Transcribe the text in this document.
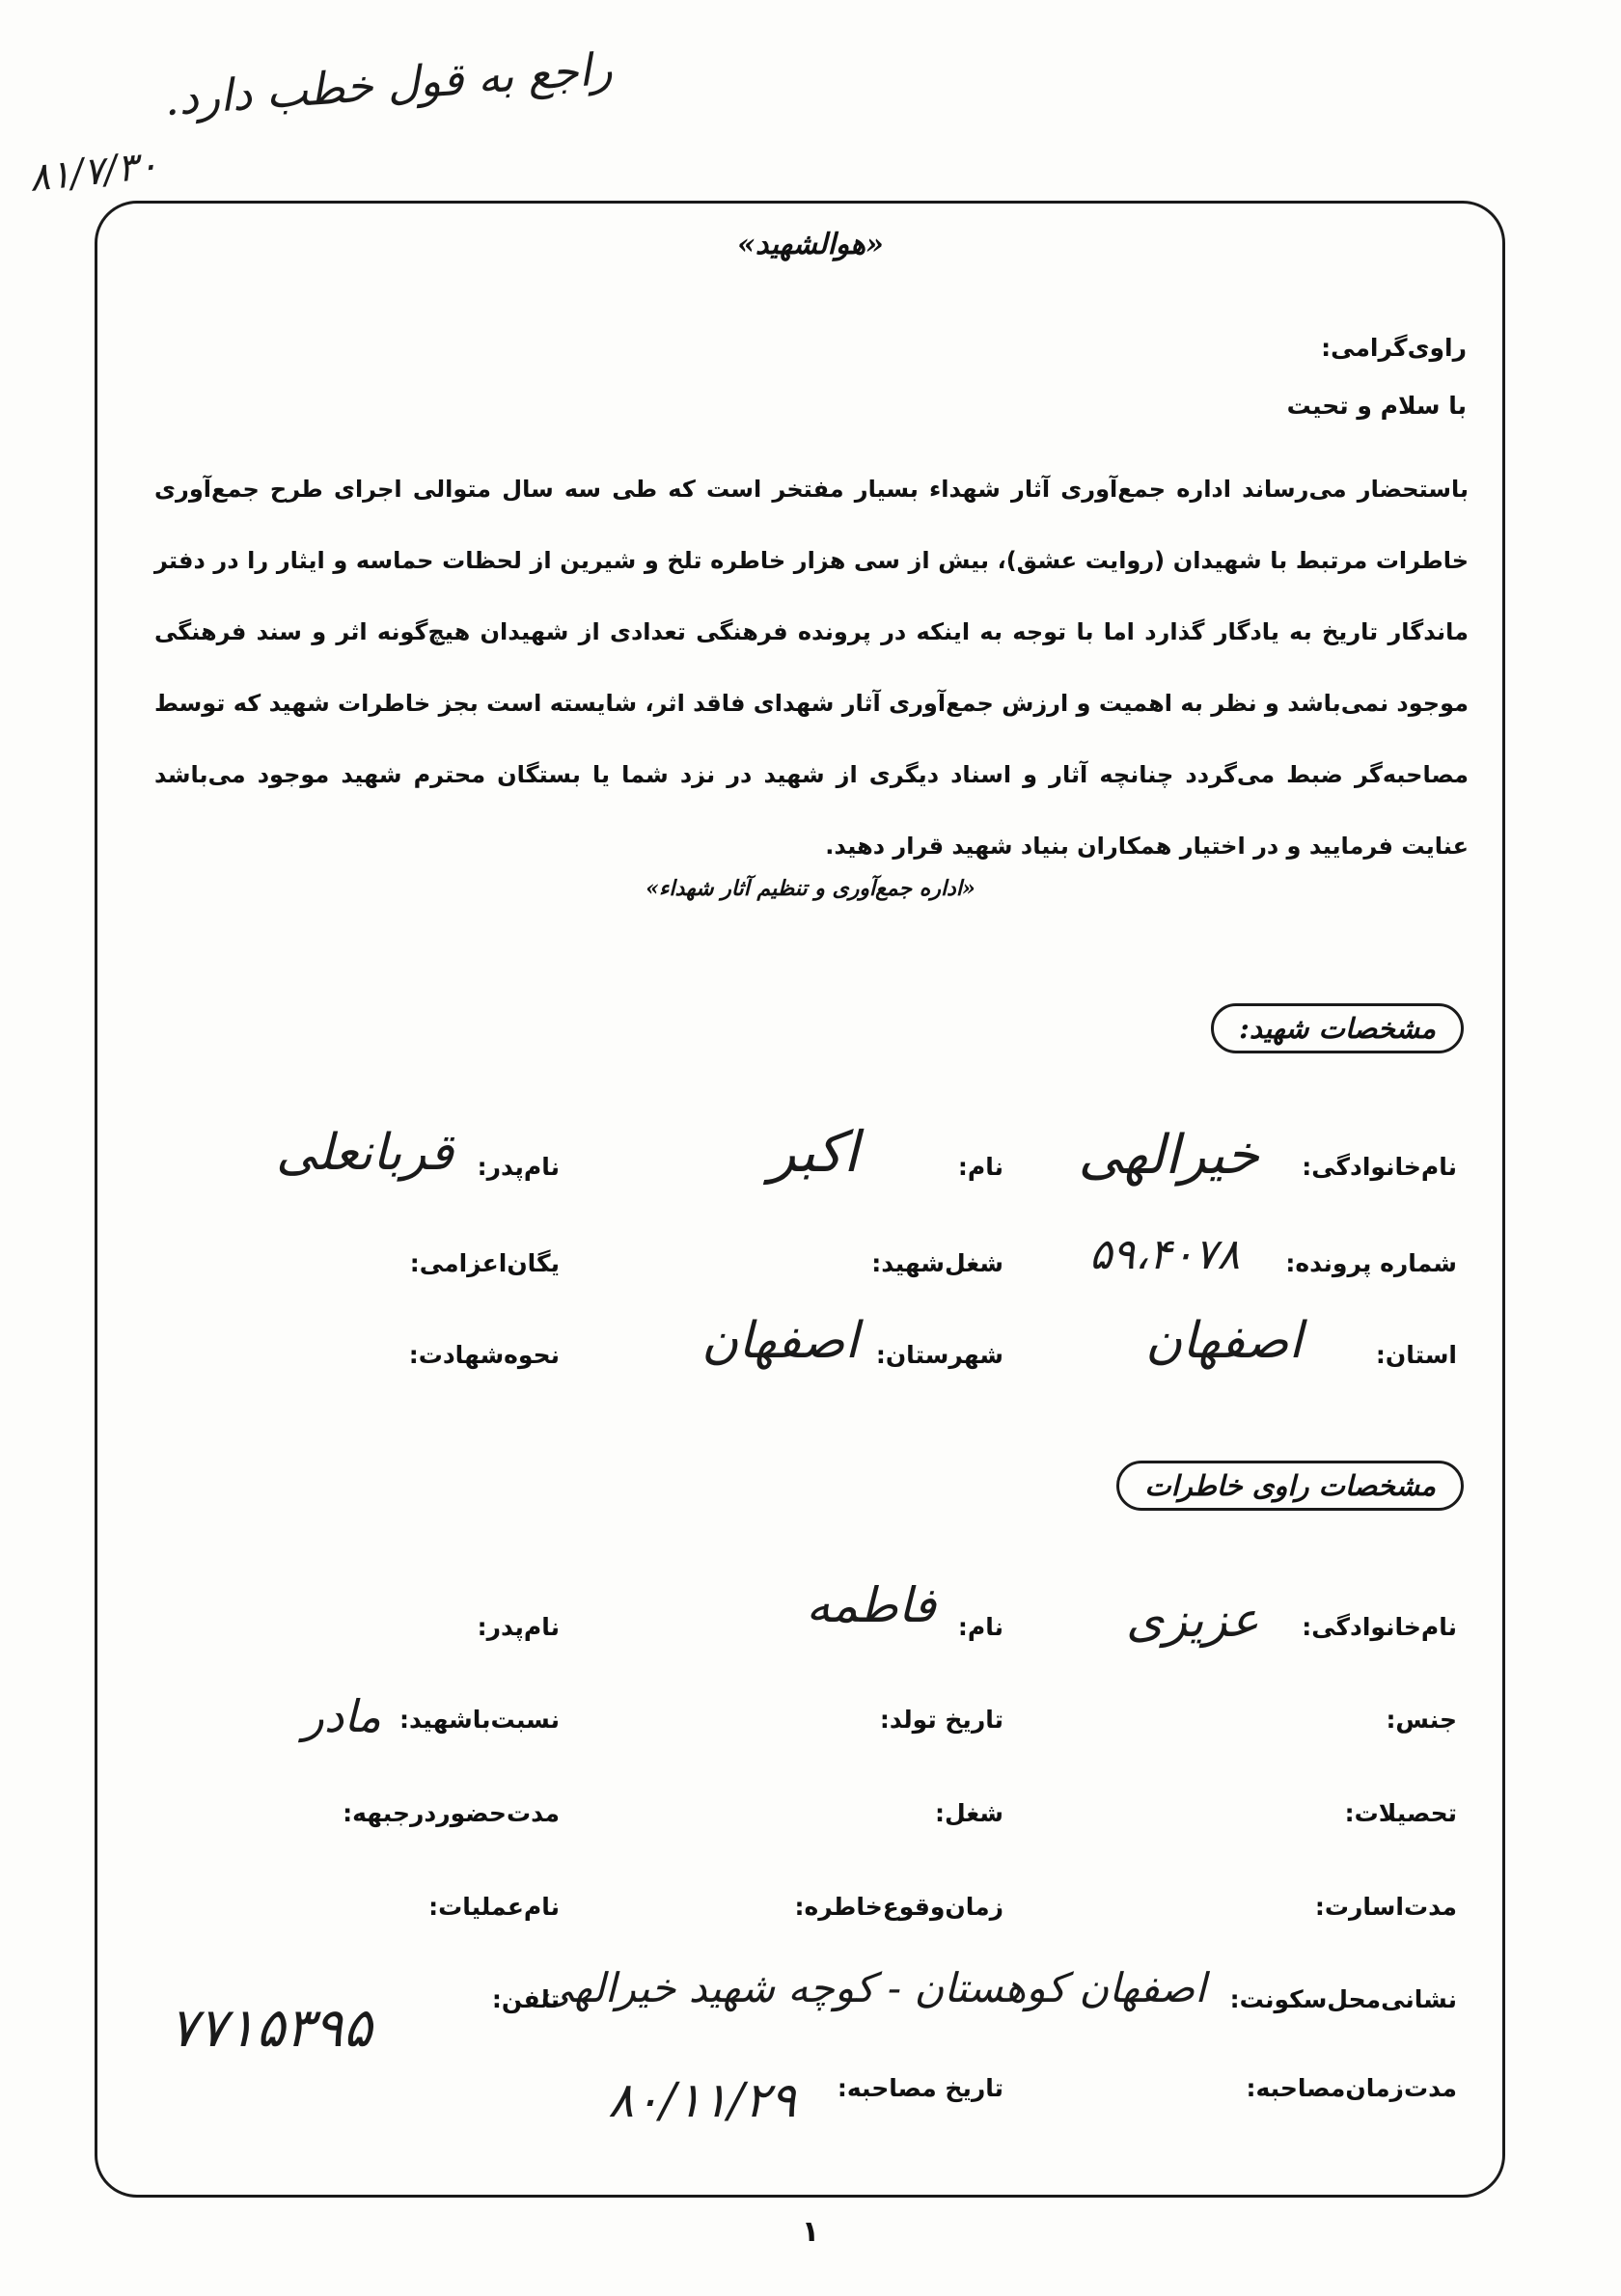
راجع به قول خطب دارد.
۸۱/۷/۳۰
«هوالشهيد»
راوی‌گرامی:
با سلام و تحیت
باستحضار می‌رساند اداره جمع‌آوری آثار شهداء بسیار مفتخر است که طی سه سال متوالی اجرای طرح جمع‌آوری خاطرات مرتبط با شهیدان (روایت عشق)، بیش از سی هزار خاطره تلخ و شیرین از لحظات حماسه و ایثار را در دفتر ماندگار تاریخ به یادگار گذارد اما با توجه به اینکه در پرونده فرهنگی تعدادی از شهیدان هیچ‌گونه اثر و سند فرهنگی موجود نمی‌باشد و نظر به اهمیت و ارزش جمع‌آوری آثار شهدای فاقد اثر، شایسته است بجز خاطرات شهید که توسط مصاحبه‌گر ضبط می‌گردد چنانچه آثار و اسناد دیگری از شهید در نزد شما یا بستگان محترم شهید موجود می‌باشد عنایت فرمایید و در اختیار همکاران بنیاد شهید قرار دهید.
«اداره جمع‌آوری و تنظیم آثار شهداء»
مشخصات شهید:
نام‌خانوادگی:
خیرالهی
نام:
اکبر
نام‌پدر:
قربانعلی
شماره پرونده:
۵۹،۴۰۷۸
شغل‌شهید:
یگان‌اعزامی:
استان:
اصفهان
شهرستان:
اصفهان
نحوه‌شهادت:
مشخصات راوی خاطرات
نام‌خانوادگی:
عزیزی
نام:
فاطمه
نام‌پدر:
جنس:
تاریخ تولد:
نسبت‌با‌شهید:
مادر
تحصیلات:
شغل:
مدت‌حضوردرجبهه:
مدت‌اسارت:
زمان‌وقوع‌خاطره:
نام‌عملیات:
نشانی‌محل‌سکونت:
اصفهان کوهستان - کوچه شهید خیرالهی
تلفن:
۷۷۱۵۳۹۵
مدت‌زمان‌مصاحبه:
تاریخ مصاحبه:
۸۰/۱۱/۲۹
۱
